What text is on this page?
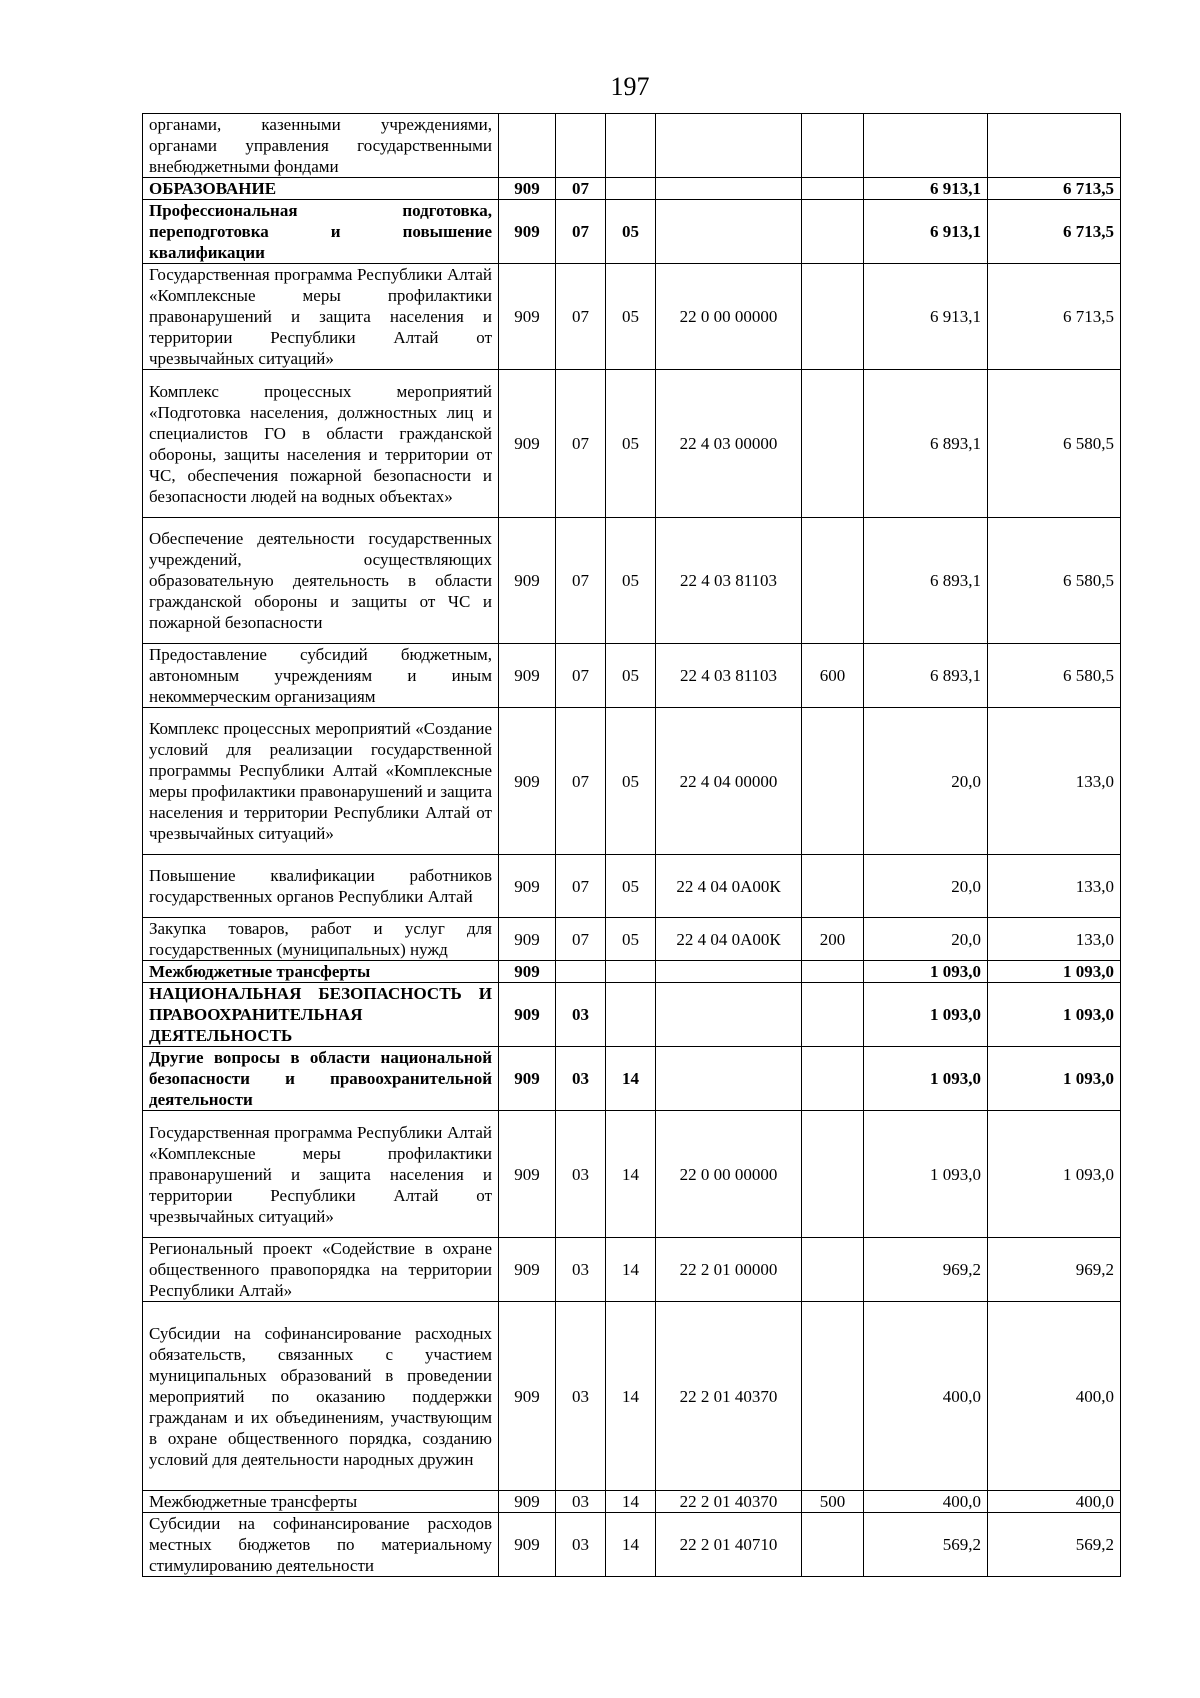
197
органами, казенными учреждениями, органами управления государственными внебюджетными фондами							
ОБРАЗОВАНИЕ	909	07				6 913,1	6 713,5
Профессиональная подготовка, переподготовка и повышение квалификации	909	07	05			6 913,1	6 713,5
Государственная программа Республики Алтай «Комплексные меры профилактики правонарушений и защита населения и территории Республики Алтай от чрезвычайных ситуаций»	909	07	05	22 0 00 00000		6 913,1	6 713,5
Комплекс процессных мероприятий «Подготовка населения, должностных лиц и специалистов ГО в области гражданской обороны, защиты населения и территории от ЧС, обеспечения пожарной безопасности и безопасности людей на водных объектах»	909	07	05	22 4 03 00000		6 893,1	6 580,5
Обеспечение деятельности государственных учреждений, осуществляющих образовательную деятельность в области гражданской обороны и защиты от ЧС и пожарной безопасности	909	07	05	22 4 03 81103		6 893,1	6 580,5
Предоставление субсидий бюджетным, автономным учреждениям и иным некоммерческим организациям	909	07	05	22 4 03 81103	600	6 893,1	6 580,5
Комплекс процессных мероприятий «Создание условий для реализации государственной программы Республики Алтай «Комплексные меры профилактики правонарушений и защита населения и территории Республики Алтай от чрезвычайных ситуаций»	909	07	05	22 4 04 00000		20,0	133,0
Повышение квалификации работников государственных органов Республики Алтай	909	07	05	22 4 04 0А00К		20,0	133,0
Закупка товаров, работ и услуг для государственных (муниципальных) нужд	909	07	05	22 4 04 0А00К	200	20,0	133,0
Межбюджетные трансферты	909					1 093,0	1 093,0
НАЦИОНАЛЬНАЯ БЕЗОПАСНОСТЬ И ПРАВООХРАНИТЕЛЬНАЯ ДЕЯТЕЛЬНОСТЬ	909	03				1 093,0	1 093,0
Другие вопросы в области национальной безопасности и правоохранительной деятельности	909	03	14			1 093,0	1 093,0
Государственная программа Республики Алтай «Комплексные меры профилактики правонарушений и защита населения и территории Республики Алтай от чрезвычайных ситуаций»	909	03	14	22 0 00 00000		1 093,0	1 093,0
Региональный проект «Содействие в охране общественного правопорядка на территории Республики Алтай»	909	03	14	22 2 01 00000		969,2	969,2
Субсидии на софинансирование расходных обязательств, связанных с участием муниципальных образований в проведении мероприятий по оказанию поддержки гражданам и их объединениям, участвующим в охране общественного порядка, созданию условий для деятельности народных дружин	909	03	14	22 2 01 40370		400,0	400,0
Межбюджетные трансферты	909	03	14	22 2 01 40370	500	400,0	400,0
Субсидии на софинансирование расходов местных бюджетов по материальному стимулированию деятельности	909	03	14	22 2 01 40710		569,2	569,2
